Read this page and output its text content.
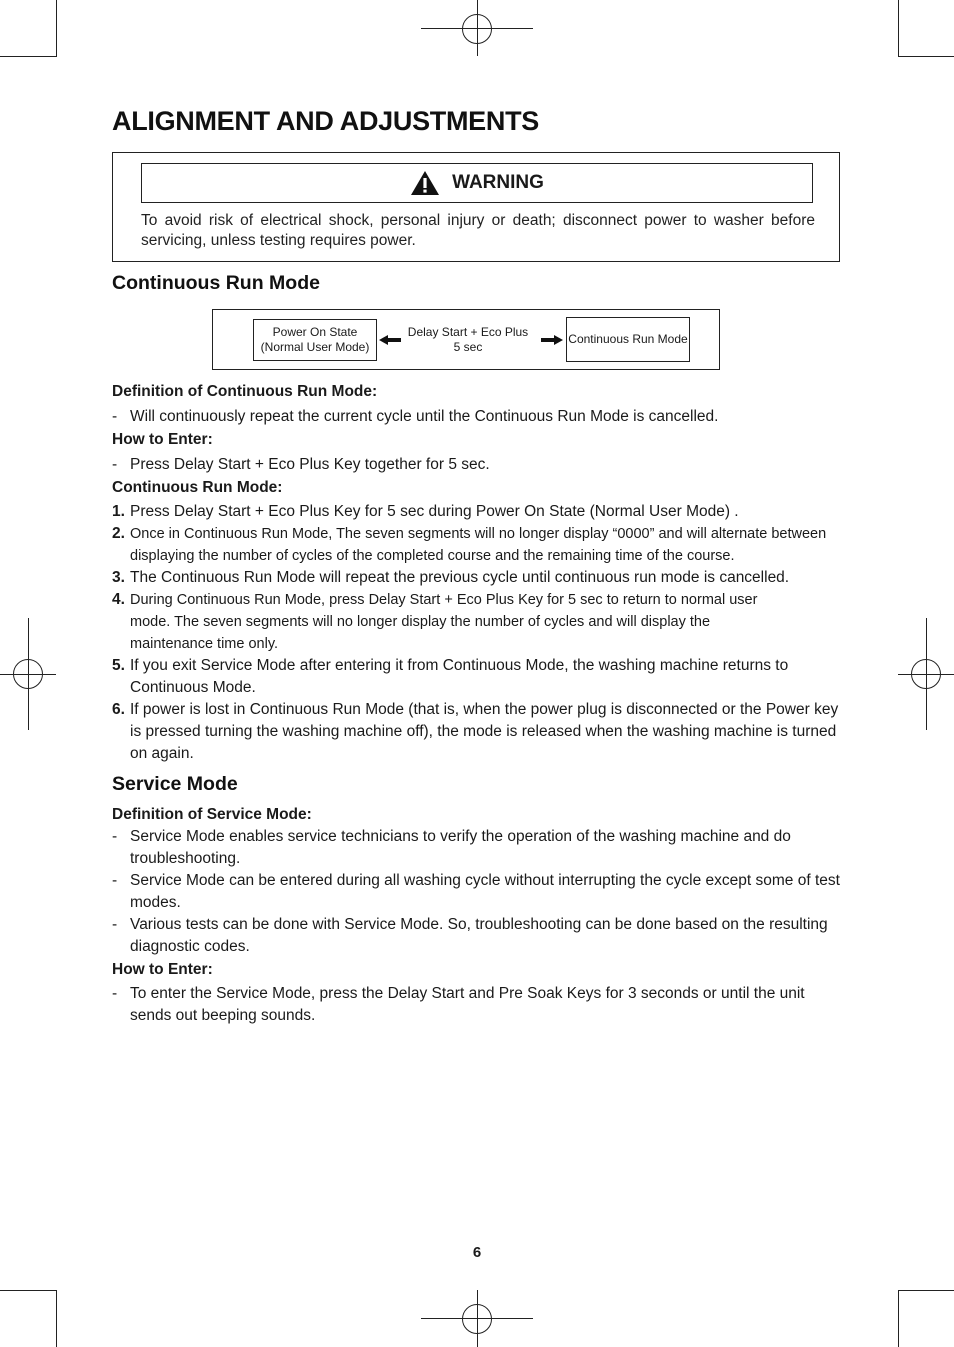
ALIGNMENT AND ADJUSTMENTS
WARNING
To avoid risk of electrical shock, personal injury or death; disconnect power to washer before servicing, unless testing requires power.
Continuous Run Mode
Power On State
(Normal User Mode)
Delay Start + Eco Plus
5 sec
Continuous Run Mode
Definition of Continuous Run Mode:
- Will continuously repeat the current cycle until the Continuous Run Mode is cancelled.
How to Enter:
- Press Delay Start + Eco Plus Key together for 5 sec.
Continuous Run Mode:
1. Press Delay Start + Eco Plus Key for 5 sec during Power On State (Normal User Mode) .
2. Once in Continuous Run Mode, The seven segments will no longer display “0000” and will alternate between displaying the number of cycles of the completed course and the remaining time of the course.
3. The Continuous Run Mode will repeat the previous cycle until continuous run mode is cancelled.
4. During Continuous Run Mode, press Delay Start + Eco Plus Key for 5 sec to return to normal user mode. The seven segments will no longer display the number of cycles and will display the maintenance time only.
5. If you exit Service Mode after entering it from Continuous Mode, the washing machine returns to Continuous Mode.
6. If power is lost in Continuous Run Mode (that is, when the power plug is disconnected or the Power key is pressed turning the washing machine off), the mode is released when the washing machine is turned on again.
Service Mode
Definition of Service Mode:
- Service Mode enables service technicians to verify the operation of the washing machine and do troubleshooting.
- Service Mode can be entered during all washing cycle without interrupting the cycle except some of test modes.
- Various tests can be done with Service Mode. So, troubleshooting can be done based on the resulting diagnostic codes.
How to Enter:
- To enter the Service Mode, press the Delay Start and Pre Soak Keys for 3 seconds or until the unit sends out beeping sounds.
6
